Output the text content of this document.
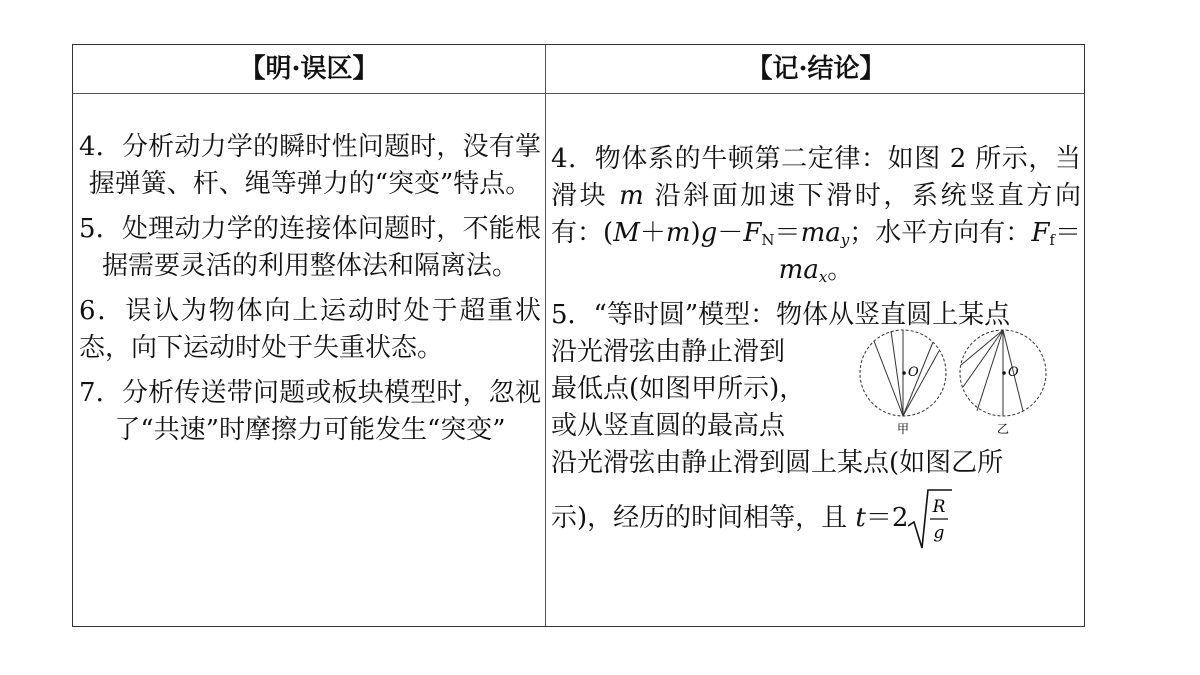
【明·误区】	【记·结论】

4．分析动力学的瞬时性问题时，没有掌握弹簧、杆、绳等弹力的“突变”特点。

5．处理动力学的连接体问题时，不能根据需要灵活的利用整体法和隔离法。

6．误认为物体向上运动时处于超重状态，向下运动时处于失重状态。

7．分析传送带问题或板块模型时，忽视了“共速”时摩擦力可能发生“突变”

4．物体系的牛顿第二定律：如图 2 所示，当滑块 m 沿斜面加速下滑时，系统竖直方向有：$(M+m)g-F_N=ma_y$；水平方向有：$F_f=ma_x$。

5．“等时圆”模型：物体从竖直圆上某点
沿光滑弦由静止滑到
最低点(如图甲所示)，
或从竖直圆的最高点
沿光滑弦由静止滑到圆上某点(如图乙所
示)，经历的时间相等，且 t＝2 R
g
O
甲
O
乙
